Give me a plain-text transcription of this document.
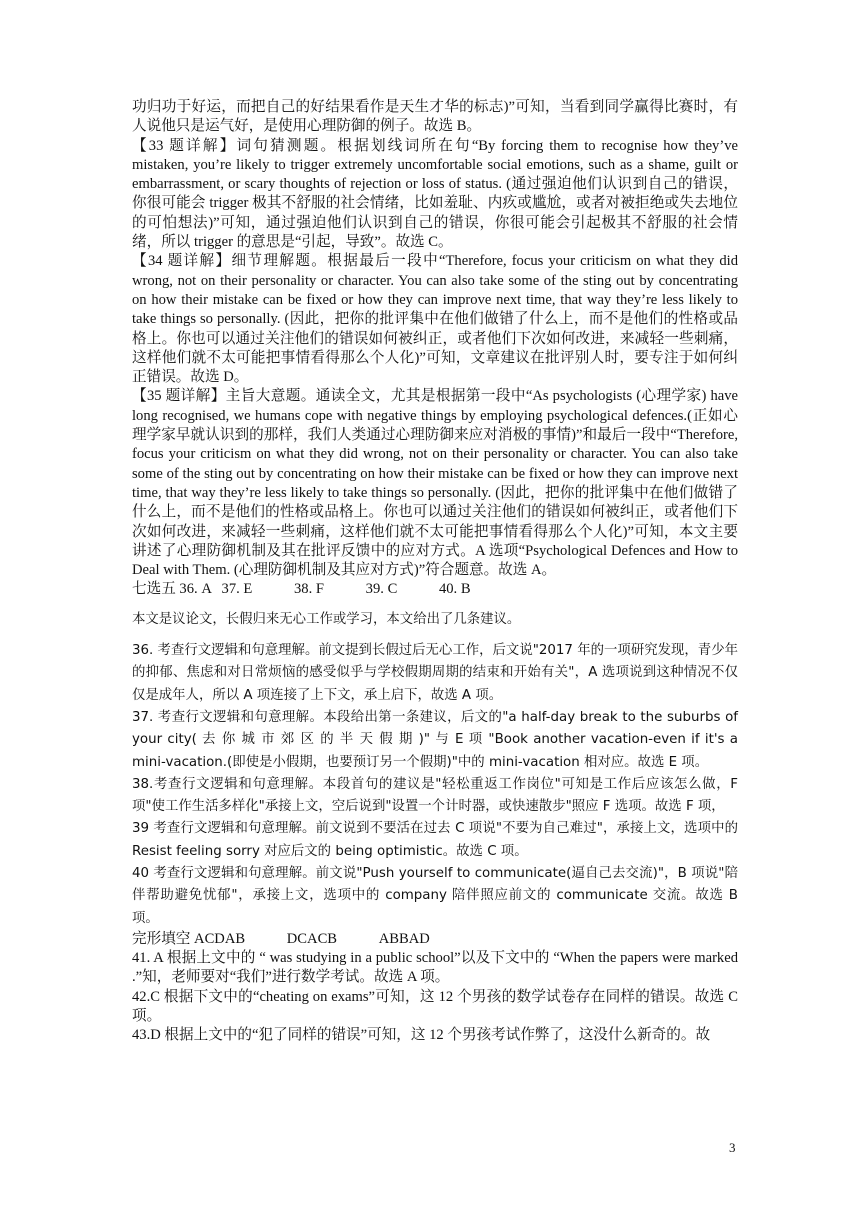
功归功于好运，而把自己的好结果看作是天生才华的标志)”可知，当看到同学赢得比赛时，有人说他只是运气好，是使用心理防御的例子。故选 B。

【33 题详解】词句猜测题。根据划线词所在句“By forcing them to recognise how they’ve mistaken, you’re likely to trigger extremely uncomfortable social emotions, such as a shame, guilt or embarrassment, or scary thoughts of rejection or loss of status. (通过强迫他们认识到自己的错误，你很可能会 trigger 极其不舒服的社会情绪，比如羞耻、内疚或尴尬，或者对被拒绝或失去地位的可怕想法)”可知，通过强迫他们认识到自己的错误，你很可能会引起极其不舒服的社会情绪，所以 trigger 的意思是“引起，导致”。故选 C。

【34 题详解】细节理解题。根据最后一段中“Therefore, focus your criticism on what they did wrong, not on their personality or character. You can also take some of the sting out by concentrating on how their mistake can be fixed or how they can improve next time, that way they’re less likely to take things so personally. (因此，把你的批评集中在他们做错了什么上，而不是他们的性格或品格上。你也可以通过关注他们的错误如何被纠正，或者他们下次如何改进，来减轻一些刺痛，这样他们就不太可能把事情看得那么个人化)”可知，文章建议在批评别人时，要专注于如何纠正错误。故选 D。

【35 题详解】主旨大意题。通读全文，尤其是根据第一段中“As psychologists (心理学家) have long recognised, we humans cope with negative things by employing psychological defences.(正如心理学家早就认识到的那样，我们人类通过心理防御来应对消极的事情)”和最后一段中“Therefore, focus your criticism on what they did wrong, not on their personality or character. You can also take some of the sting out by concentrating on how their mistake can be fixed or how they can improve next time, that way they’re less likely to take things so personally. (因此，把你的批评集中在他们做错了什么上，而不是他们的性格或品格上。你也可以通过关注他们的错误如何被纠正，或者他们下次如何改进，来减轻一些刺痛，这样他们就不太可能把事情看得那么个人化)”可知，本文主要讲述了心理防御机制及其在批评反馈中的应对方式。A 选项“Psychological Defences and How to Deal with Them. (心理防御机制及其应对方式)”符合题意。故选 A。

七选五 36. A 37. E	38. F	39. C	40. B

本文是议论文，长假归来无心工作或学习，本文给出了几条建议。

36. 考查行文逻辑和句意理解。前文提到长假过后无心工作，后文说"2017 年的一项研究发现，青少年的抑郁、焦虑和对日常烦恼的感受似乎与学校假期周期的结束和开始有关"，A 选项说到这种情况不仅仅是成年人，所以 A 项连接了上下文，承上启下，故选 A 项。

37. 考查行文逻辑和句意理解。本段给出第一条建议，后文的"a half-day break to the suburbs of your city( 去 你 城 市 郊 区 的 半 天 假 期 )" 与 E 项 "Book another vacation-even if it's a mini-vacation.(即使是小假期，也要预订另一个假期)"中的 mini-vacation 相对应。故选 E 项。

38.考查行文逻辑和句意理解。本段首句的建议是"轻松重返工作岗位"可知是工作后应该怎么做，F 项"使工作生活多样化"承接上文，空后说到"设置一个计时器，或快速散步"照应 F 选项。故选 F 项，

39 考查行文逻辑和句意理解。前文说到不要活在过去 C 项说"不要为自己难过"，承接上文，选项中的 Resist feeling sorry 对应后文的 being optimistic。故选 C 项。

40 考查行文逻辑和句意理解。前文说"Push yourself to communicate(逼自己去交流)"，B 项说"陪伴帮助避免忧郁"，承接上文，选项中的 company 陪伴照应前文的 communicate 交流。故选 B 项。

完形填空 ACDAB	DCACB	ABBAD

41. A 根据上文中的 “ was studying in a public school”以及下文中的 “When the papers were marked .”知，老师要对“我们”进行数学考试。故选 A 项。

42.C 根据下文中的“cheating on exams”可知，这 12 个男孩的数学试卷存在同样的错误。故选 C 项。

43.D 根据上文中的“犯了同样的错误”可知，这 12 个男孩考试作弊了，这没什么新奇的。故

3
